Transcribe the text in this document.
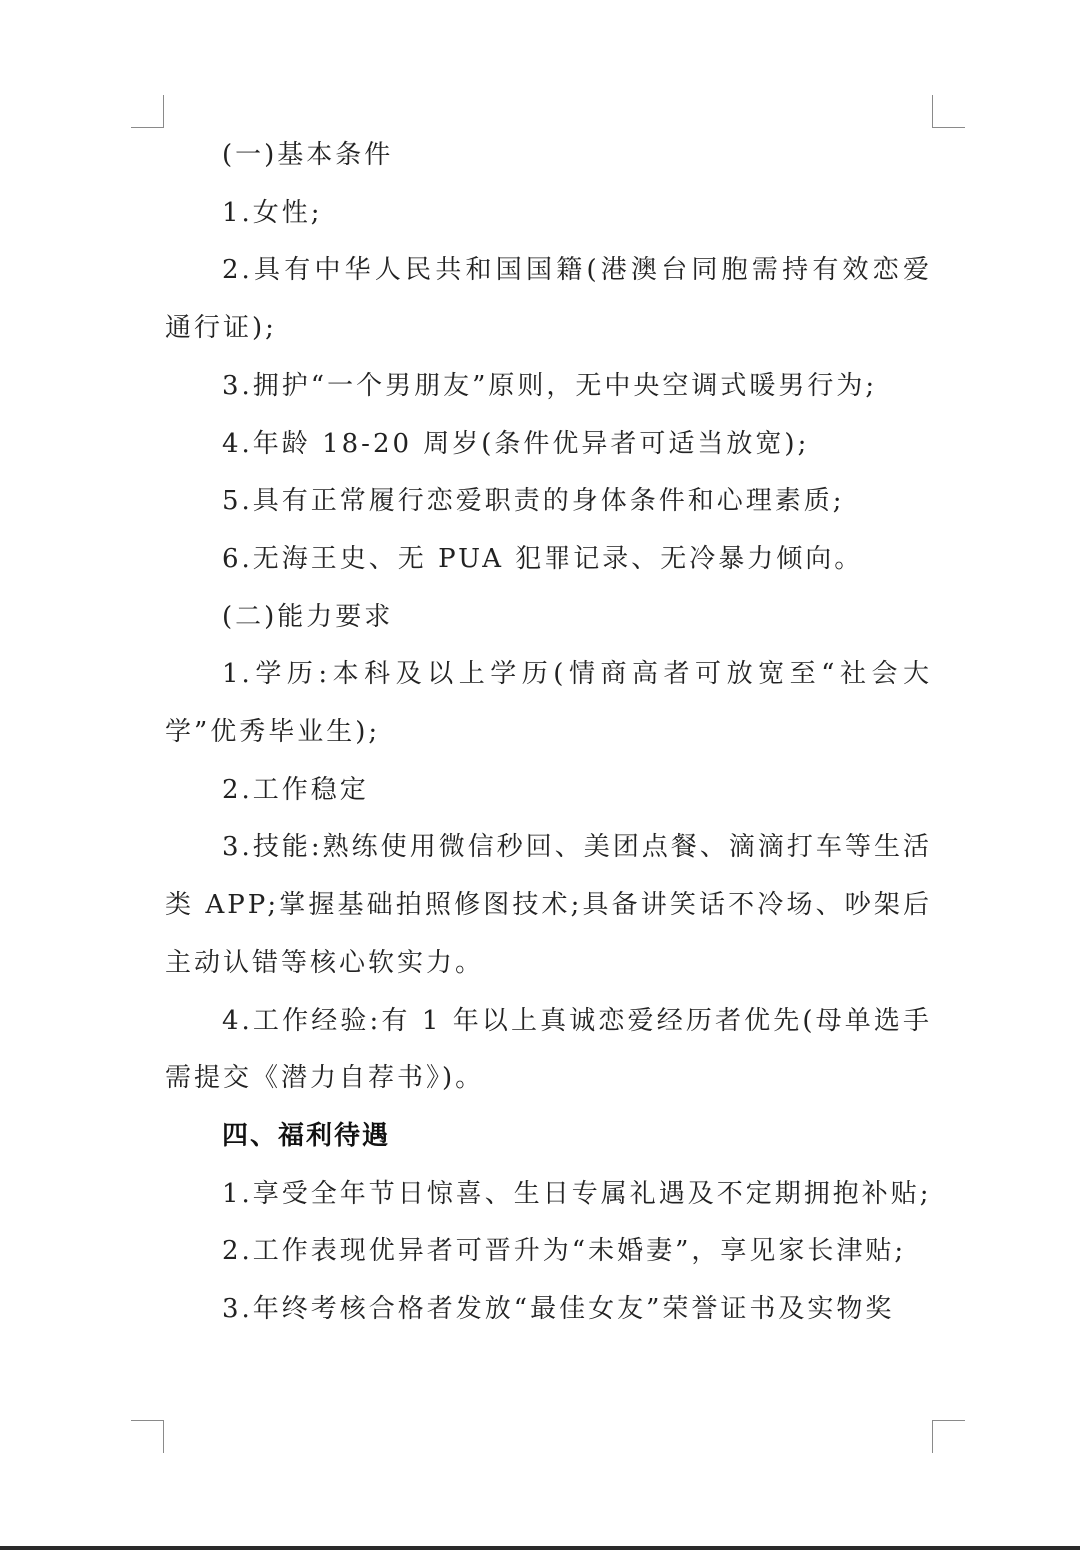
(一)基本条件

1.女性;

2.具有中华人民共和国国籍(港澳台同胞需持有效恋爱通行证);

3.拥护“一个男朋友”原则，无中央空调式暖男行为;

4.年龄 18-20 周岁(条件优异者可适当放宽);

5.具有正常履行恋爱职责的身体条件和心理素质;

6.无海王史、无 PUA 犯罪记录、无冷暴力倾向。

(二)能力要求

1.学历:本科及以上学历(情商高者可放宽至“社会大学”优秀毕业生);

2.工作稳定

3.技能:熟练使用微信秒回、美团点餐、滴滴打车等生活类 APP;掌握基础拍照修图技术;具备讲笑话不冷场、吵架后主动认错等核心软实力。

4.工作经验:有 1 年以上真诚恋爱经历者优先(母单选手需提交《潜力自荐书》)。

四、福利待遇

1.享受全年节日惊喜、生日专属礼遇及不定期拥抱补贴;

2.工作表现优异者可晋升为“未婚妻”，享见家长津贴;

3.年终考核合格者发放“最佳女友”荣誉证书及实物奖
